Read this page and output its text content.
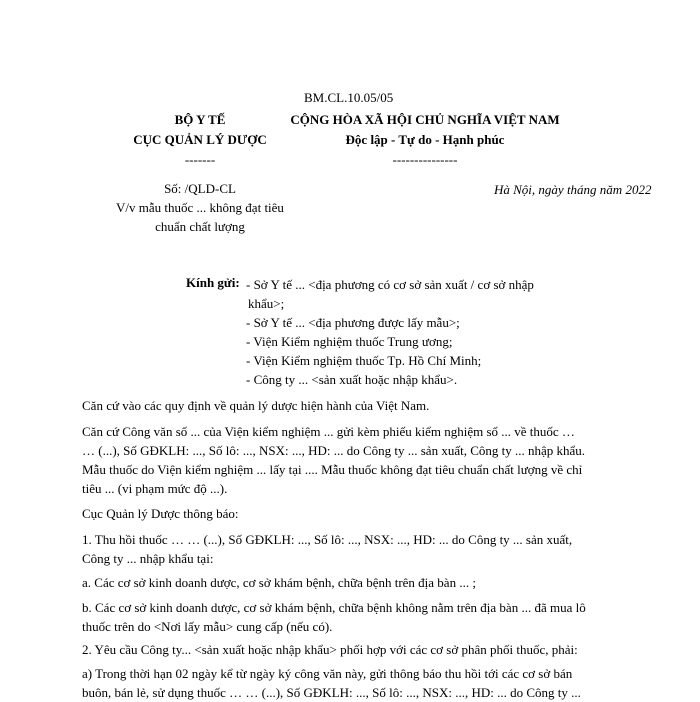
BM.CL.10.05/05
BỘ Y TẾ
CỤC QUẢN LÝ DƯỢC
-------
CỘNG HÒA XÃ HỘI CHỦ NGHĨA VIỆT NAM
Độc lập - Tự do - Hạnh phúc
---------------
Số: /QLD-CL
V/v mẫu thuốc ... không đạt tiêu
chuẩn chất lượng
Hà Nội, ngày tháng năm 2022
Kính gửi: - Sở Y tế ... <địa phương có cơ sở sản xuất / cơ sở nhập
khẩu>;
- Sở Y tế ... <địa phương được lấy mẫu>;
- Viện Kiểm nghiệm thuốc Trung ương;
- Viện Kiểm nghiệm thuốc Tp. Hồ Chí Minh;
- Công ty ... <sản xuất hoặc nhập khẩu>.

Căn cứ vào các quy định về quản lý dược hiện hành của Việt Nam.

Căn cứ Công văn số ... của Viện kiểm nghiệm ... gửi kèm phiếu kiểm nghiệm số ... về thuốc …

… (...), Số GĐKLH: ..., Số lô: ..., NSX: ..., HD: ... do Công ty ... sản xuất, Công ty ... nhập khẩu.

Mẫu thuốc do Viện kiểm nghiệm ... lấy tại .... Mẫu thuốc không đạt tiêu chuẩn chất lượng về chỉ

tiêu ... (vi phạm mức độ ...).

Cục Quản lý Dược thông báo:

1. Thu hồi thuốc … … (...), Số GĐKLH: ..., Số lô: ..., NSX: ..., HD: ... do Công ty ... sản xuất,

Công ty ... nhập khẩu tại:

a. Các cơ sở kinh doanh dược, cơ sở khám bệnh, chữa bệnh trên địa bàn ... ;

b. Các cơ sở kinh doanh dược, cơ sở khám bệnh, chữa bệnh không nằm trên địa bàn ... đã mua lô

thuốc trên do <Nơi lấy mẫu> cung cấp (nếu có).

2. Yêu cầu Công ty... <sản xuất hoặc nhập khẩu> phối hợp với các cơ sở phân phối thuốc, phải:

a) Trong thời hạn 02 ngày kể từ ngày ký công văn này, gửi thông báo thu hồi tới các cơ sở bán

buôn, bán lẻ, sử dụng thuốc … … (...), Số GĐKLH: ..., Số lô: ..., NSX: ..., HD: ... do Công ty ...
